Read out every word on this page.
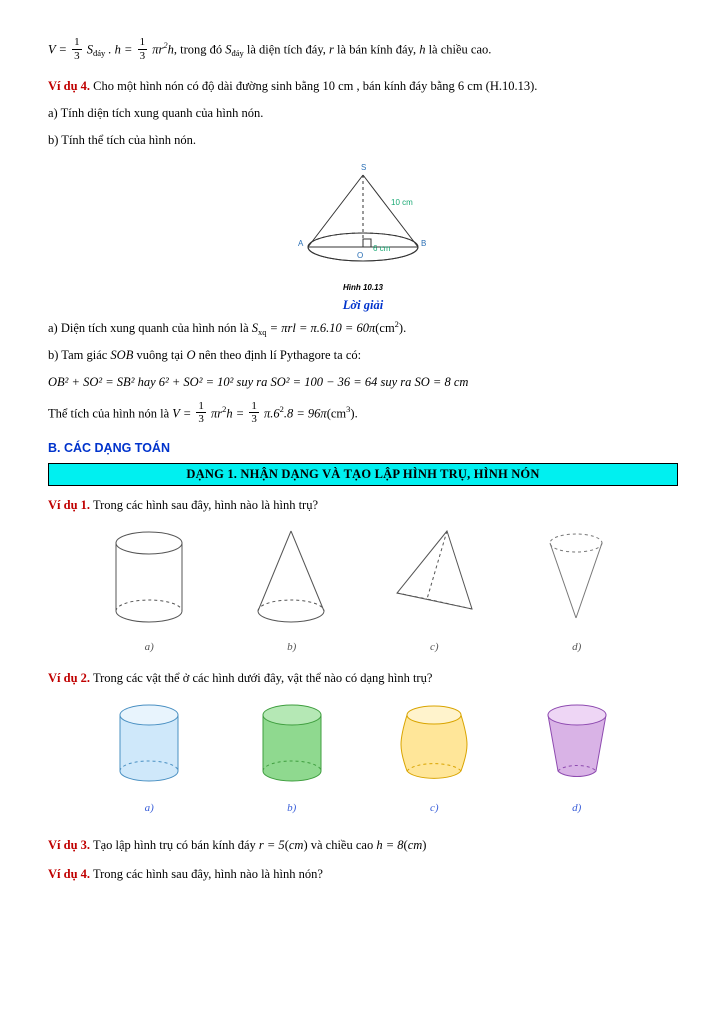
$V = \frac{1}{3} S_{đáy}$ . $h = \frac{1}{3} \pi r^2h$, trong đó $S_{đáy}$ là diện tích đáy, r là bán kính đáy, h là chiều cao.
Ví dụ 4. Cho một hình nón có độ dài đường sinh bằng 10 cm , bán kính đáy bằng 6 cm (H.10.13).
a) Tính diện tích xung quanh của hình nón.
b) Tính thể tích của hình nón.
S
A	B
O
10 cm
6 cm
Hình 10.13
Lời giải
a) Diện tích xung quanh của hình nón là $S_{xq} = \pi rl = \pi.6.10 = 60\pi(cm^2)$.
b) Tam giác SOB vuông tại O nên theo định lí Pythagore ta có:
OB² + SO² = SB² hay 6² + SO² = 10² suy ra SO² = 100 − 36 = 64 suy ra SO = 8 cm
Thể tích của hình nón là $V = \frac{1}{3} \pi r^2h = \frac{1}{3} \pi.6^2.8 = 96\pi(cm^3)$.
B. CÁC DẠNG TOÁN
DẠNG 1. NHẬN DẠNG VÀ TẠO LẬP HÌNH TRỤ, HÌNH NÓN
Ví dụ 1. Trong các hình sau đây, hình nào là hình trụ?
a)	b)	c)	d)
Ví dụ 2. Trong các vật thể ở các hình dưới đây, vật thể nào có dạng hình trụ?
a)	b)	c)	d)
Ví dụ 3. Tạo lập hình trụ có bán kính đáy r = 5(cm) và chiều cao h = 8(cm)
Ví dụ 4. Trong các hình sau đây, hình nào là hình nón?
